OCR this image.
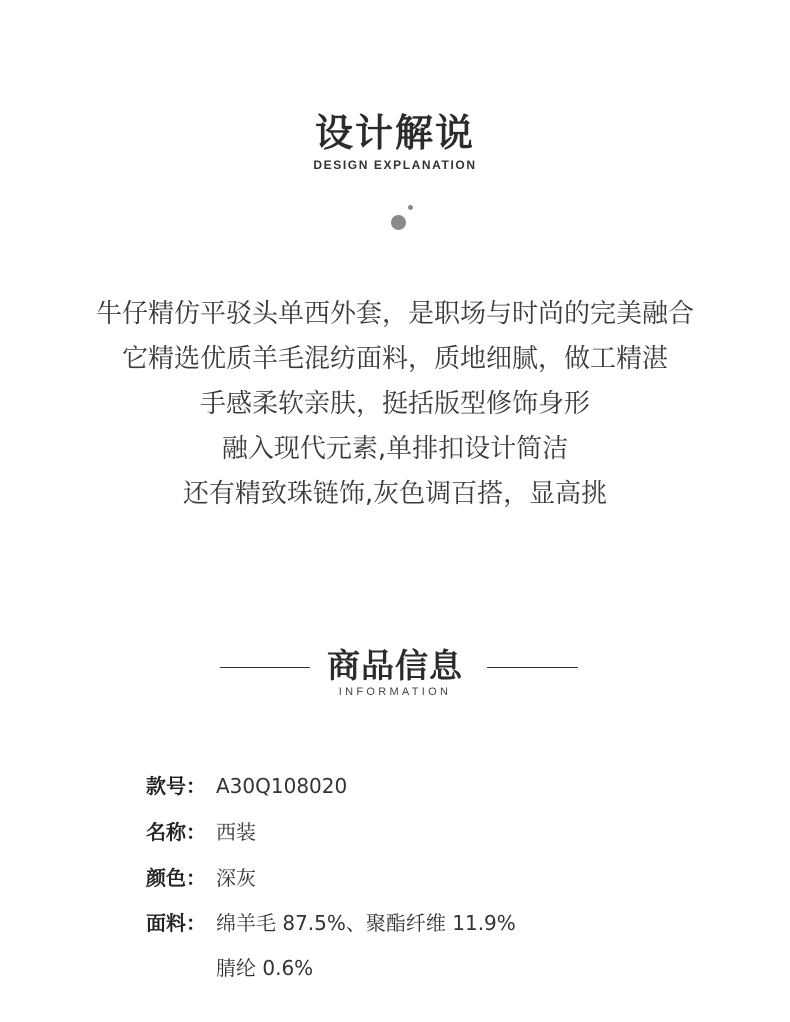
设计解说
DESIGN EXPLANATION
牛仔精仿平驳头单西外套，是职场与时尚的完美融合
它精选优质羊毛混纺面料，质地细腻，做工精湛
手感柔软亲肤，挺括版型修饰身形
融入现代元素,单排扣设计简洁
还有精致珠链饰,灰色调百搭，显高挑
商品信息
INFORMATION
款号： A30Q108020
名称： 西装
颜色： 深灰
面料： 绵羊毛 87.5%、聚酯纤维 11.9%
腈纶 0.6%
